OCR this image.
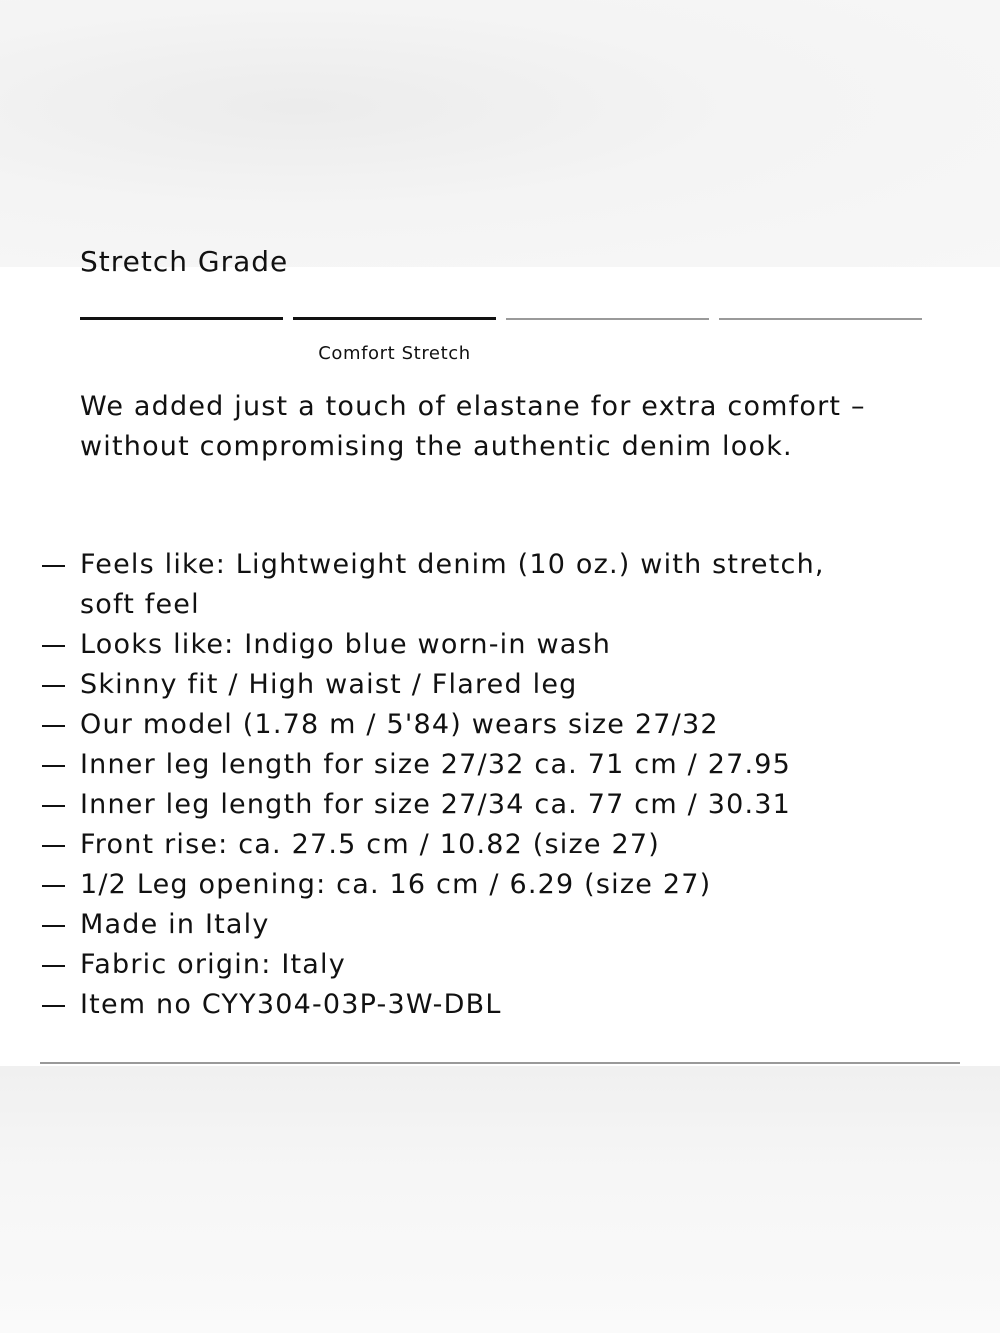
Stretch Grade
Comfort Stretch

We added just a touch of elastane for extra comfort – without compromising the authentic denim look.

Feels like: Lightweight denim (10 oz.) with stretch, soft feel
Looks like: Indigo blue worn-in wash
Skinny fit / High waist / Flared leg
Our model (1.78 m / 5'84) wears size 27/32
Inner leg length for size 27/32 ca. 71 cm / 27.95
Inner leg length for size 27/34 ca. 77 cm / 30.31
Front rise: ca. 27.5 cm / 10.82 (size 27)
1/2 Leg opening: ca. 16 cm / 6.29 (size 27)
Made in Italy
Fabric origin: Italy
Item no CYY304-03P-3W-DBL
